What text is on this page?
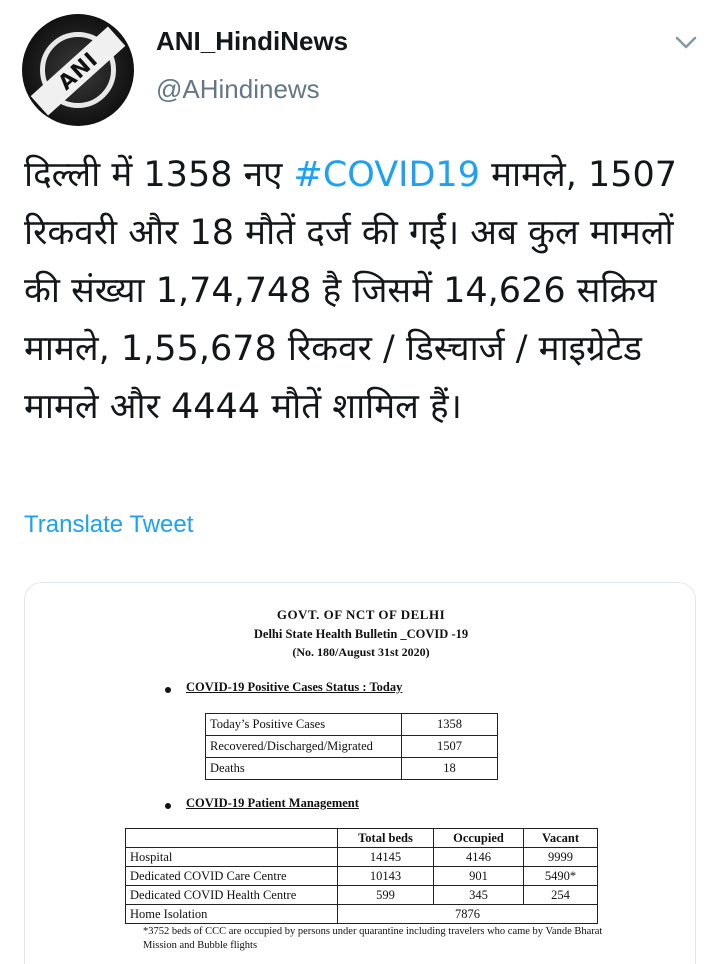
ANI
ANI_HindiNews
@AHindinews
दिल्ली में 1358 नए #COVID19 मामले, 1507 रिकवरी और 18 मौतें दर्ज की गईं। अब कुल मामलों की संख्या 1,74,748 है जिसमें 14,626 सक्रिय मामले, 1,55,678 रिकवर / डिस्चार्ज / माइग्रेटेड मामले और 4444 मौतें शामिल हैं।
Translate Tweet
GOVT. OF NCT OF DELHI
Delhi State Health Bulletin _COVID -19
(No. 180/August 31st 2020)
COVID-19 Positive Cases Status : Today
Today’s Positive Cases	1358
Recovered/Discharged/Migrated	1507
Deaths	18
COVID-19 Patient Management
	Total beds	Occupied	Vacant
Hospital	14145	4146	9999
Dedicated COVID Care Centre	10143	901	5490*
Dedicated COVID Health Centre	599	345	254
Home Isolation	7876		
*3752 beds of CCC are occupied by persons under quarantine including travelers who came by Vande Bharat Mission and Bubble flights
